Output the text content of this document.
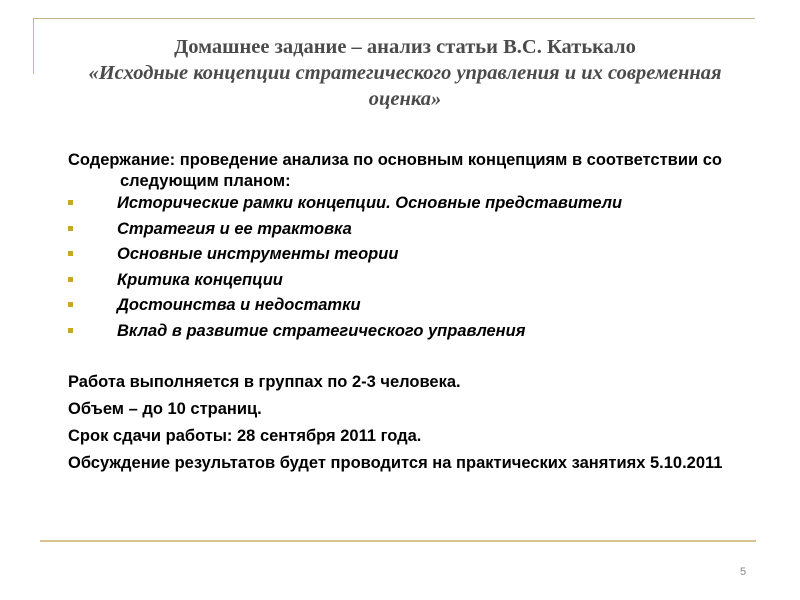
Домашнее задание – анализ статьи В.С. Катькало
«Исходные концепции стратегического управления и их современная оценка»
Содержание: проведение анализа по основным концепциям в соответствии со следующим планом:
Исторические рамки концепции. Основные представители
Стратегия и ее трактовка
Основные инструменты теории
Критика концепции
Достоинства и недостатки
Вклад в развитие стратегического управления
Работа выполняется в группах по 2-3 человека.
Объем – до 10 страниц.
Срок сдачи работы: 28 сентября 2011 года.
Обсуждение результатов будет проводится на практических занятиях 5.10.2011
5
